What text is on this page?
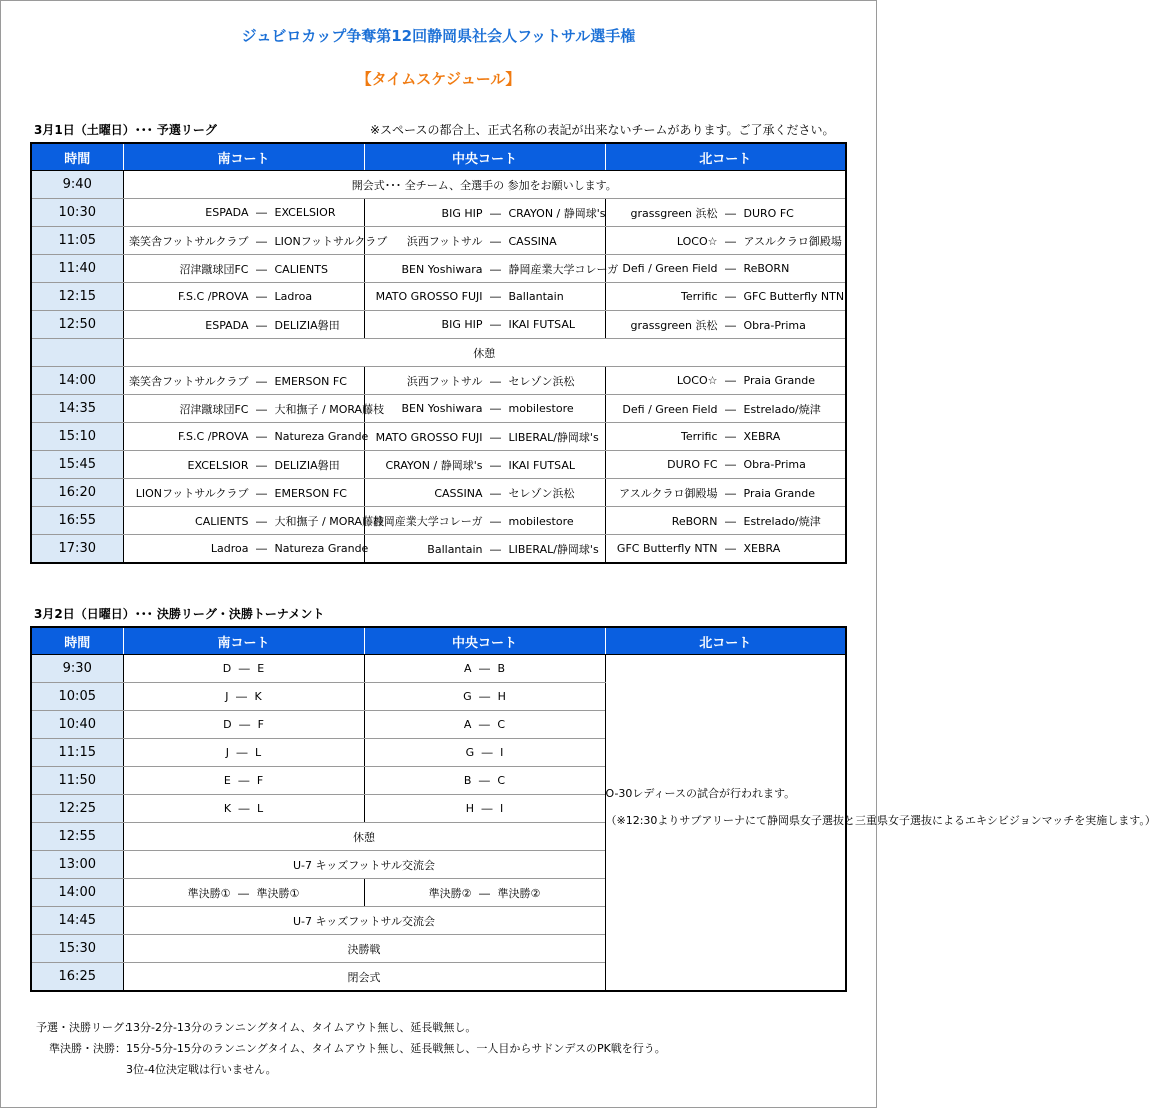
ジュビロカップ争奪第12回静岡県社会人フットサル選手権
【タイムスケジュール】
3月1日（土曜日）･･･ 予選リーグ	※スペースの都合上、正式名称の表記が出来ないチームがあります。ご了承ください。
時間	南コート	中央コート	北コート
9:40	開会式･･･ 全チーム、全選手の 参加をお願いします。		
10:30	ESPADA ― EXCELSIOR	BIG HIP ― CRAYON / 静岡球's	grassgreen 浜松 ― DURO FC
11:05	楽笑舎フットサルクラブ ― LIONフットサルクラブ	浜西フットサル ― CASSINA	LOCO☆ ― アスルクラロ御殿場
11:40	沼津蹴球団FC ― CALIENTS	BEN Yoshiwara ― 静岡産業大学コレーガ	Defi / Green Field ― ReBORN
12:15	F.S.C /PROVA ― Ladroa	MATO GROSSO FUJI ― Ballantain	Terrific ― GFC Butterfly NTN
12:50	ESPADA ― DELIZIA磐田	BIG HIP ― IKAI FUTSAL	grassgreen 浜松 ― Obra-Prima
	休憩		
14:00	楽笑舎フットサルクラブ ― EMERSON FC	浜西フットサル ― セレゾン浜松	LOCO☆ ― Praia Grande
14:35	沼津蹴球団FC ― 大和撫子 / MORA藤枝	BEN Yoshiwara ― mobilestore	Defi / Green Field ― Estrelado/焼津
15:10	F.S.C /PROVA ― Natureza Grande	MATO GROSSO FUJI ― LIBERAL/静岡球's	Terrific ― XEBRA
15:45	EXCELSIOR ― DELIZIA磐田	CRAYON / 静岡球's ― IKAI FUTSAL	DURO FC ― Obra-Prima
16:20	LIONフットサルクラブ ― EMERSON FC	CASSINA ― セレゾン浜松	アスルクラロ御殿場 ― Praia Grande
16:55	CALIENTS ― 大和撫子 / MORA藤枝	静岡産業大学コレーガ ― mobilestore	ReBORN ― Estrelado/焼津
17:30	Ladroa ― Natureza Grande	Ballantain ― LIBERAL/静岡球's	GFC Butterfly NTN ― XEBRA
3月2日（日曜日）･･･ 決勝リーグ・決勝トーナメント
時間	南コート	中央コート	北コート
9:30	D ― E	A ― B	O-30レディースの試合が行われます。
（※12:30よりサブアリーナにて静岡県女子選抜と三重県女子選抜によるエキシビジョンマッチを実施します。）

10:05	J ― K	G ― H	
10:40	D ― F	A ― C	
11:15	J ― L	G ― I	
11:50	E ― F	B ― C	
12:25	K ― L	H ― I	
12:55	休憩		
13:00	U-7 キッズフットサル交流会		
14:00	準決勝① ― 準決勝①	準決勝② ― 準決勝②	
14:45	U-7 キッズフットサル交流会		
15:30	決勝戦		
16:25	閉会式		
予選・決勝リーグ：13分-2分-13分のランニングタイム、タイムアウト無し、延長戦無し。
準決勝・決勝：15分-5分-15分のランニングタイム、タイムアウト無し、延長戦無し、一人目からサドンデスのPK戦を行う。
3位-4位決定戦は行いません。
